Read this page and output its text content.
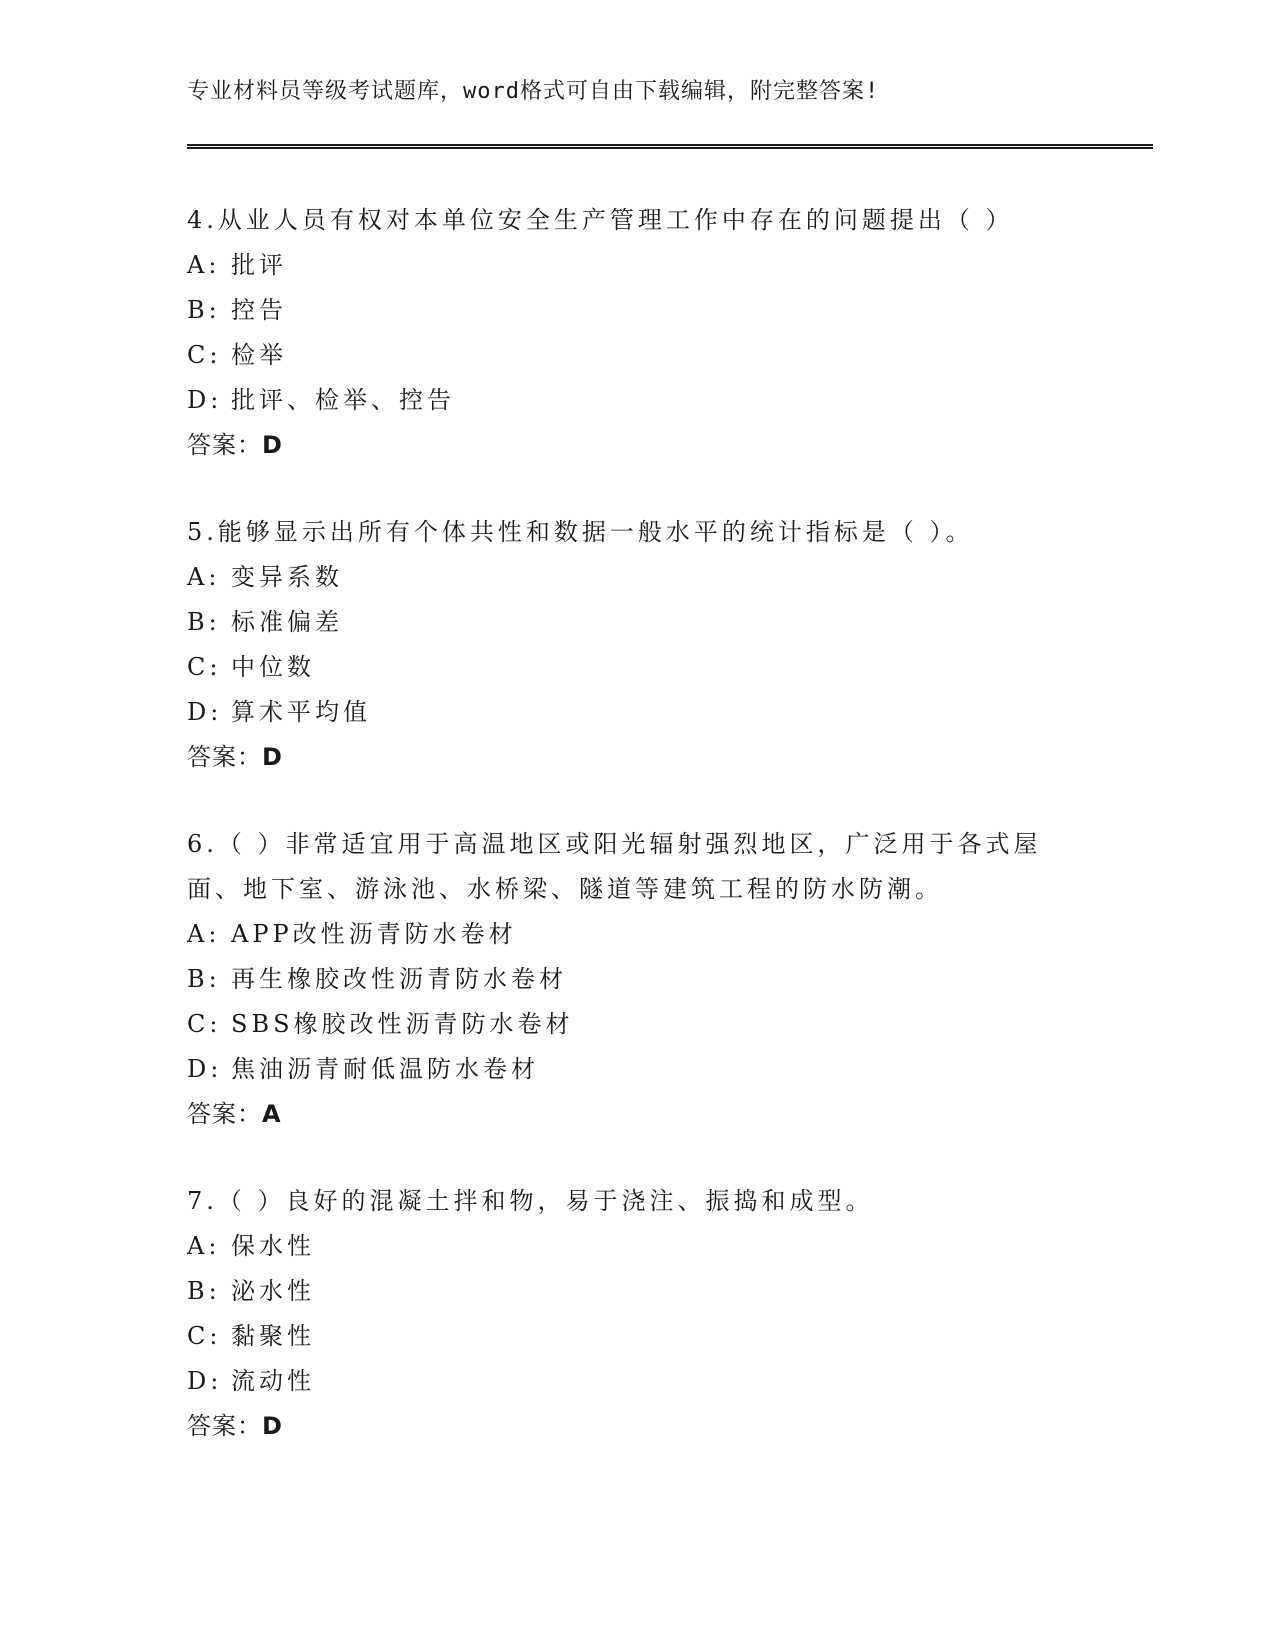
专业材料员等级考试题库，word格式可自由下载编辑，附完整答案!

4.从业人员有权对本单位安全生产管理工作中存在的问题提出（ ）

A: 批评

B: 控告

C: 检举

D: 批评、检举、控告

答案：D

5.能够显示出所有个体共性和数据一般水平的统计指标是（ ）。

A: 变异系数

B: 标准偏差

C: 中位数

D: 算术平均值

答案：D

6.（ ）非常适宜用于高温地区或阳光辐射强烈地区，广泛用于各式屋面、地下室、游泳池、水桥梁、隧道等建筑工程的防水防潮。

A: APP改性沥青防水卷材

B: 再生橡胶改性沥青防水卷材

C: SBS橡胶改性沥青防水卷材

D: 焦油沥青耐低温防水卷材

答案：A

7.（ ）良好的混凝土拌和物，易于浇注、振捣和成型。

A: 保水性

B: 泌水性

C: 黏聚性

D: 流动性

答案：D
